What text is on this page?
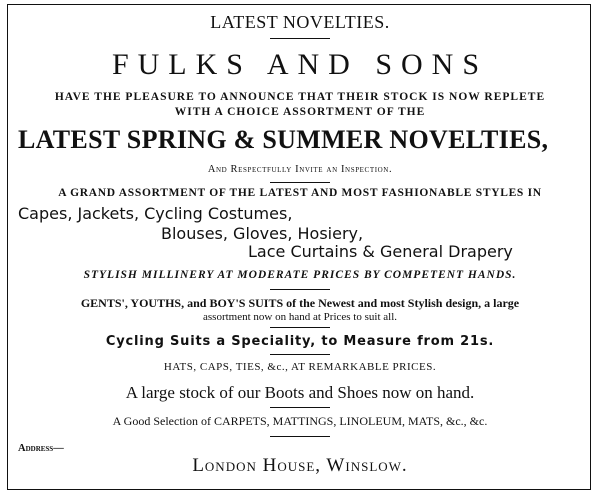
LATEST NOVELTIES.
FULKS AND SONS
HAVE THE PLEASURE TO ANNOUNCE THAT THEIR STOCK IS NOW REPLETE
WITH A CHOICE ASSORTMENT OF THE
LATEST SPRING & SUMMER NOVELTIES,
And Respectfully Invite an Inspection.
A GRAND ASSORTMENT OF THE LATEST AND MOST FASHIONABLE STYLES IN
Capes, Jackets, Cycling Costumes,
Blouses, Gloves, Hosiery,
Lace Curtains & General Drapery
STYLISH MILLINERY AT MODERATE PRICES BY COMPETENT HANDS.
GENTS', YOUTHS, and BOY'S SUITS of the Newest and most Stylish design, a large
assortment now on hand at Prices to suit all.
Cycling Suits a Speciality, to Measure from 21s.
HATS, CAPS, TIES, &c., AT REMARKABLE PRICES.
A large stock of our Boots and Shoes now on hand.
A Good Selection of CARPETS, MATTINGS, LINOLEUM, MATS, &c., &c.
Address—
London House, Winslow.
